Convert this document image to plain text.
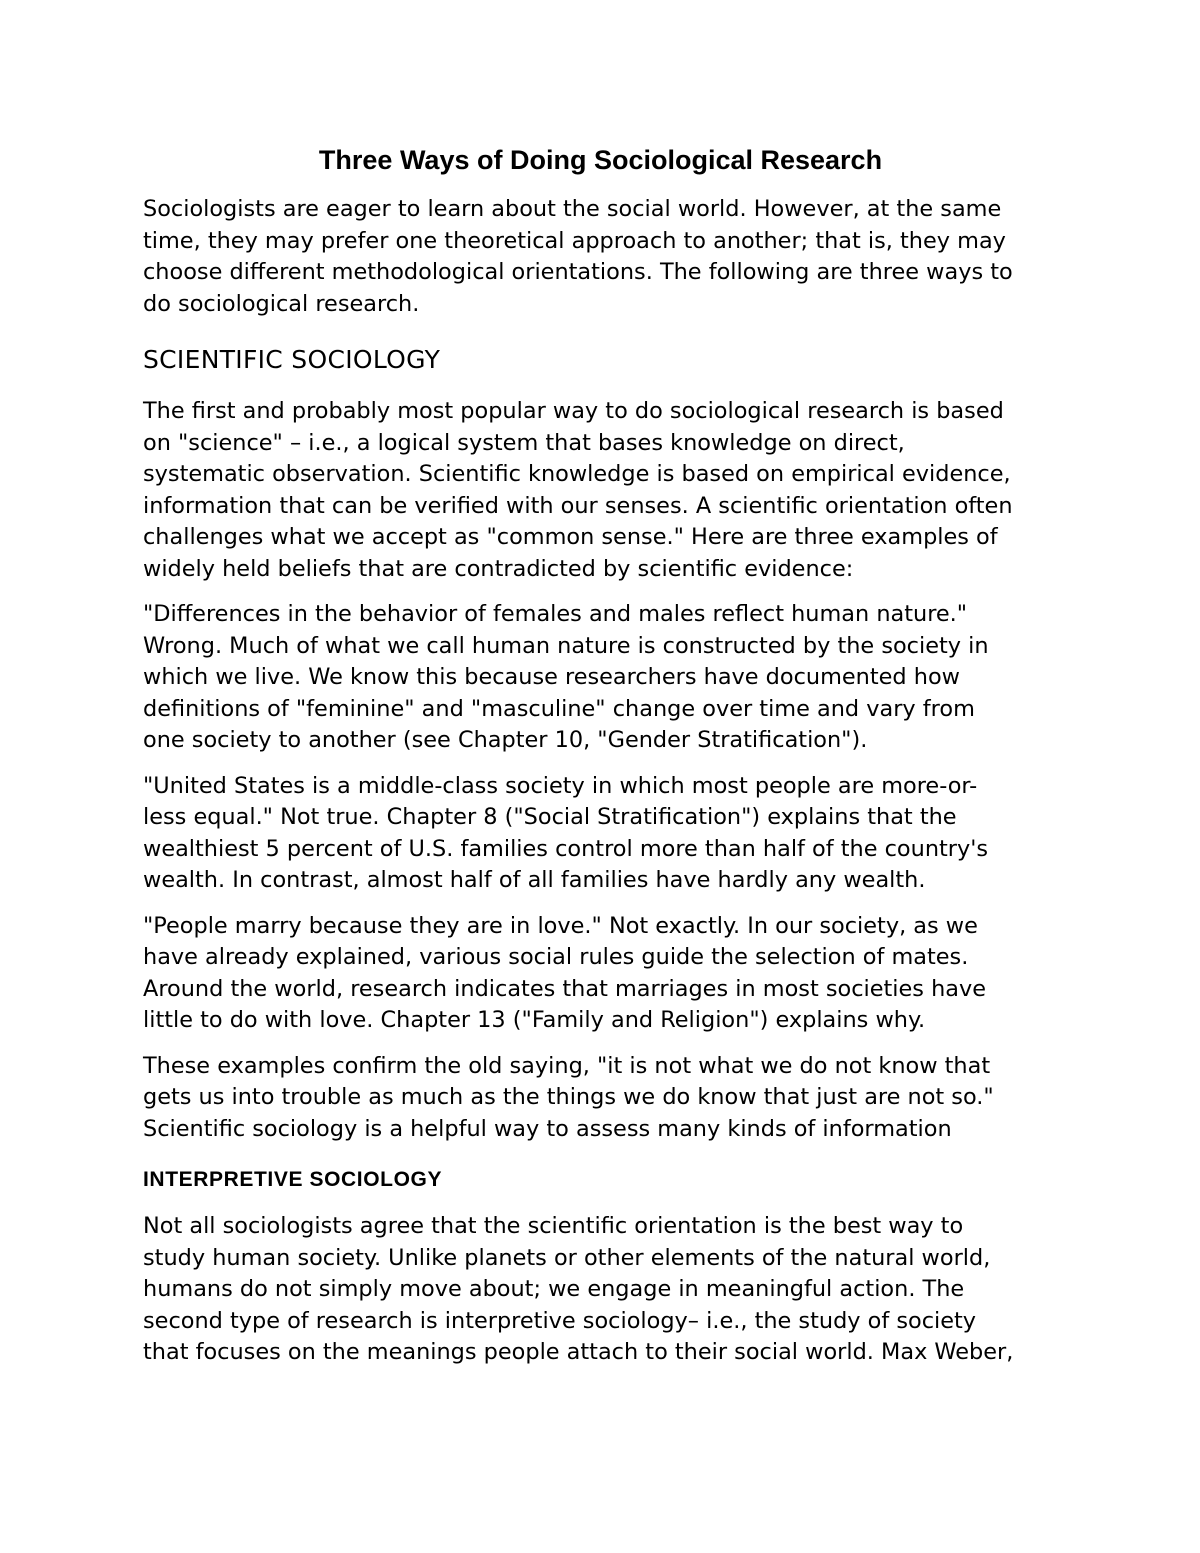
Three Ways of Doing Sociological Research

Sociologists are eager to learn about the social world. However, at the same
time, they may prefer one theoretical approach to another; that is, they may
choose different methodological orientations. The following are three ways to
do sociological research.

SCIENTIFIC SOCIOLOGY

The first and probably most popular way to do sociological research is based
on "science" – i.e., a logical system that bases knowledge on direct,
systematic observation. Scientific knowledge is based on empirical evidence,
information that can be verified with our senses. A scientific orientation often
challenges what we accept as "common sense." Here are three examples of
widely held beliefs that are contradicted by scientific evidence:

"Differences in the behavior of females and males reflect human nature."
Wrong. Much of what we call human nature is constructed by the society in
which we live. We know this because researchers have documented how
definitions of "feminine" and "masculine" change over time and vary from
one society to another (see Chapter 10, "Gender Stratification").

"United States is a middle-class society in which most people are more-or-
less equal." Not true. Chapter 8 ("Social Stratification") explains that the
wealthiest 5 percent of U.S. families control more than half of the country's
wealth. In contrast, almost half of all families have hardly any wealth.

"People marry because they are in love." Not exactly. In our society, as we
have already explained, various social rules guide the selection of mates.
Around the world, research indicates that marriages in most societies have
little to do with love. Chapter 13 ("Family and Religion") explains why.

These examples confirm the old saying, "it is not what we do not know that
gets us into trouble as much as the things we do know that just are not so."
Scientific sociology is a helpful way to assess many kinds of information

INTERPRETIVE SOCIOLOGY

Not all sociologists agree that the scientific orientation is the best way to
study human society. Unlike planets or other elements of the natural world,
humans do not simply move about; we engage in meaningful action. The
second type of research is interpretive sociology– i.e., the study of society
that focuses on the meanings people attach to their social world. Max Weber,
